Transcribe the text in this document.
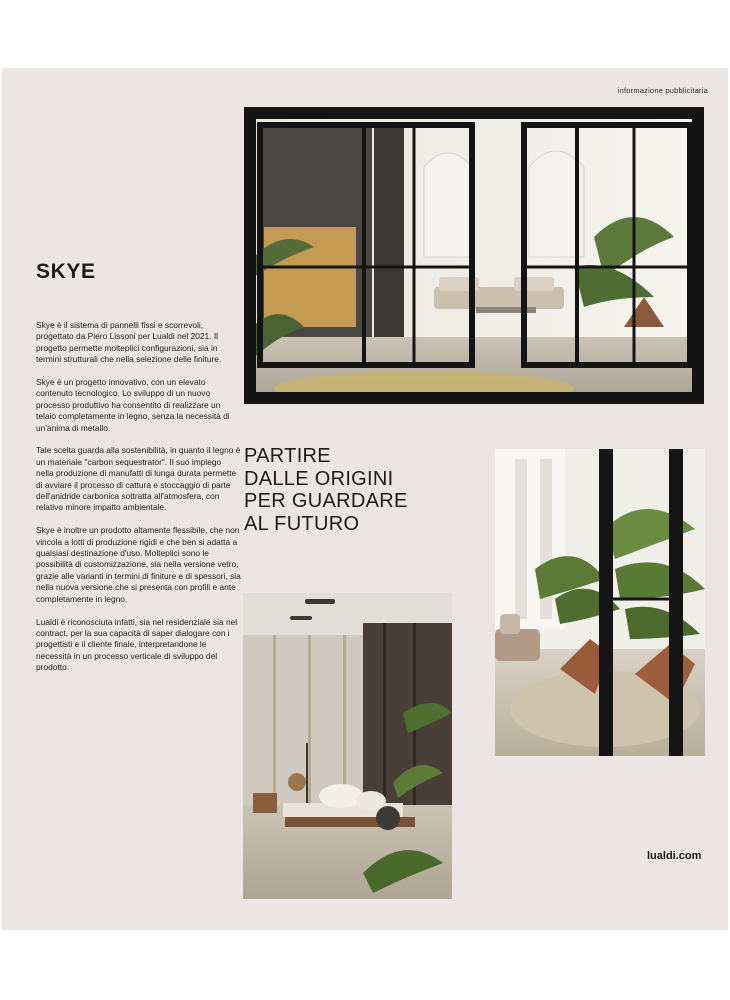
informazione pubblicitaria
SKYE

Skye è il sistema di pannelli fissi e scorrevoli, progettato da Piero Lissoni per Lualdi nel 2021. Il progetto permette molteplici configurazioni, sia in termini strutturali che nella selezione delle finiture.

Skye è un progetto innovativo, con un elevato contenuto tecnologico. Lo sviluppo di un nuovo processo produttivo ha consentito di realizzare un telaio completamente in legno, senza la necessità di un'anima di metallo.

Tale scelta guarda alla sostenibilità, in quanto il legno è un materiale "carbon sequestrator". Il suo impiego nella produzione di manufatti di lunga durata permette di avviare il processo di cattura e stoccaggio di parte dell'anidride carbonica sottratta all'atmosfera, con relativo minore impatto ambientale.

Skye è inoltre un prodotto altamente flessibile, che non vincola a lotti di produzione rigidi e che ben si adatta a qualsiasi destinazione d'uso. Molteplici sono le possibilità di customizzazione, sia nella versione vetro, grazie alle varianti in termini di finiture e di spessori, sia nella nuova versione che si presenta con profili e ante completamente in legno.

Lualdi è riconosciuta infatti, sia nel residenziale sia nel contract, per la sua capacità di saper dialogare con i progettisti e il cliente finale, interpretandone le necessità in un processo verticale di sviluppo del prodotto.

PARTIRE
DALLE ORIGINI
PER GUARDARE
AL FUTURO
lualdi.com
